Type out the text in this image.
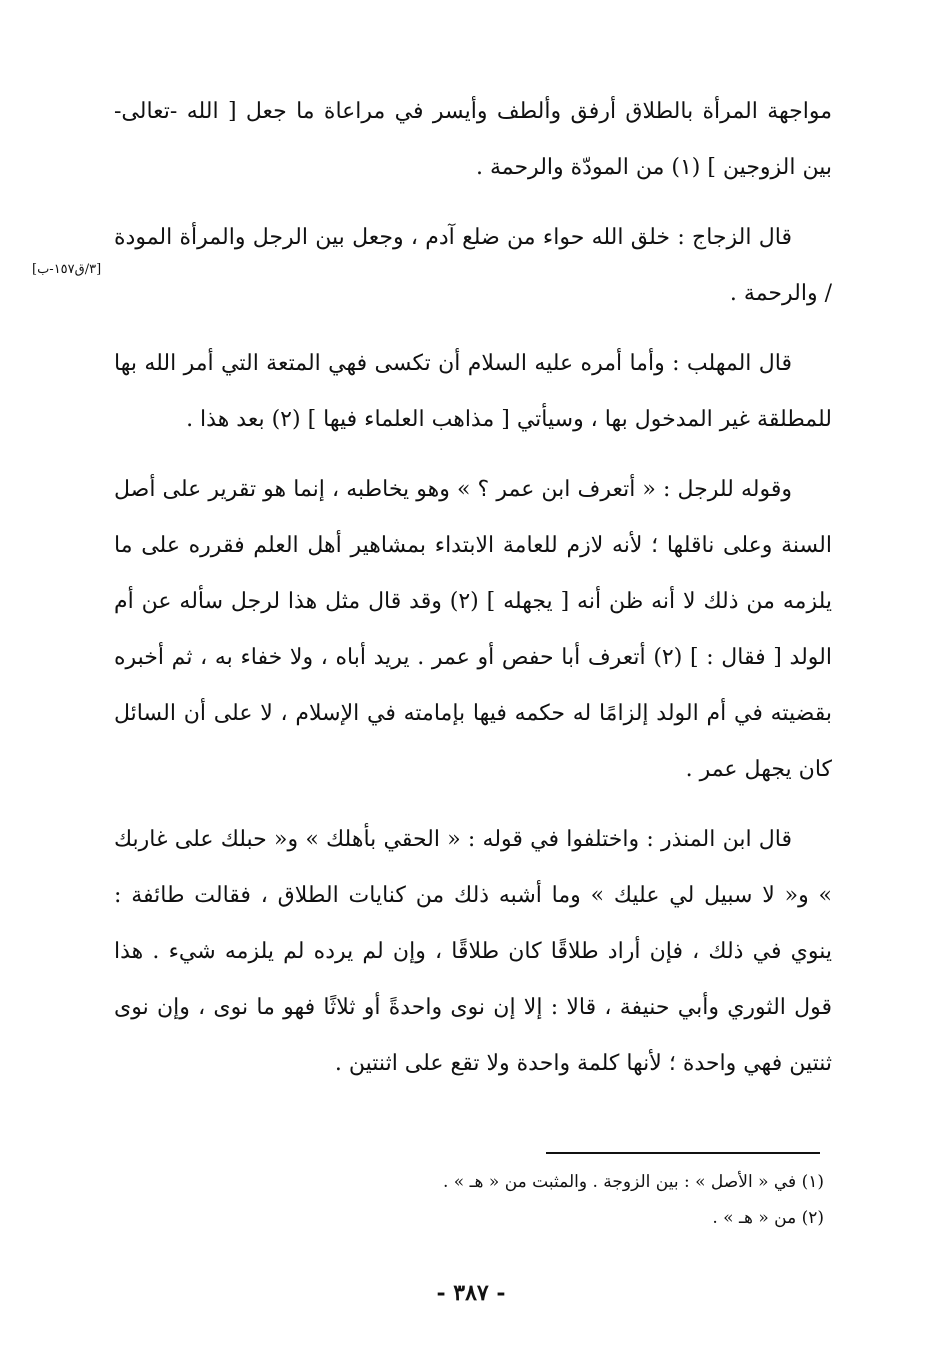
مواجهة المرأة بالطلاق أرفق وألطف وأيسر في مراعاة ما جعل [ الله -تعالى- بين الزوجين ] (١) من المودّة والرحمة .

قال الزجاج : خلق الله حواء من ضلع آدم ، وجعل بين الرجل والمرأة المودة / والرحمة .

قال المهلب : وأما أمره عليه السلام أن تكسى فهي المتعة التي أمر الله بها للمطلقة غير المدخول بها ، وسيأتي [ مذاهب العلماء فيها ] (٢) بعد هذا .

وقوله للرجل : « أتعرف ابن عمر ؟ » وهو يخاطبه ، إنما هو تقرير على أصل السنة وعلى ناقلها ؛ لأنه لازم للعامة الابتداء بمشاهير أهل العلم فقرره على ما يلزمه من ذلك لا أنه ظن أنه [ يجهله ] (٢) وقد قال مثل هذا لرجل سأله عن أم الولد [ فقال : ] (٢) أتعرف أبا حفص أو عمر . يريد أباه ، ولا خفاء به ، ثم أخبره بقضيته في أم الولد إلزامًا له حكمه فيها بإمامته في الإسلام ، لا على أن السائل كان يجهل عمر .

قال ابن المنذر : واختلفوا في قوله : « الحقي بأهلك » و« حبلك على غاربك » و« لا سبيل لي عليك » وما أشبه ذلك من كنايات الطلاق ، فقالت طائفة : ينوي في ذلك ، فإن أراد طلاقًا كان طلاقًا ، وإن لم يرده لم يلزمه شيء . هذا قول الثوري وأبي حنيفة ، قالا : إلا إن نوى واحدةً أو ثلاثًا فهو ما نوى ، وإن نوى ثنتين فهي واحدة ؛ لأنها كلمة واحدة ولا تقع على اثنتين .

[٣/ق١٥٧-ب]

(١) في « الأصل » : بين الزوجة . والمثبت من « هـ » .

(٢) من « هـ » .

- ٣٨٧ -
